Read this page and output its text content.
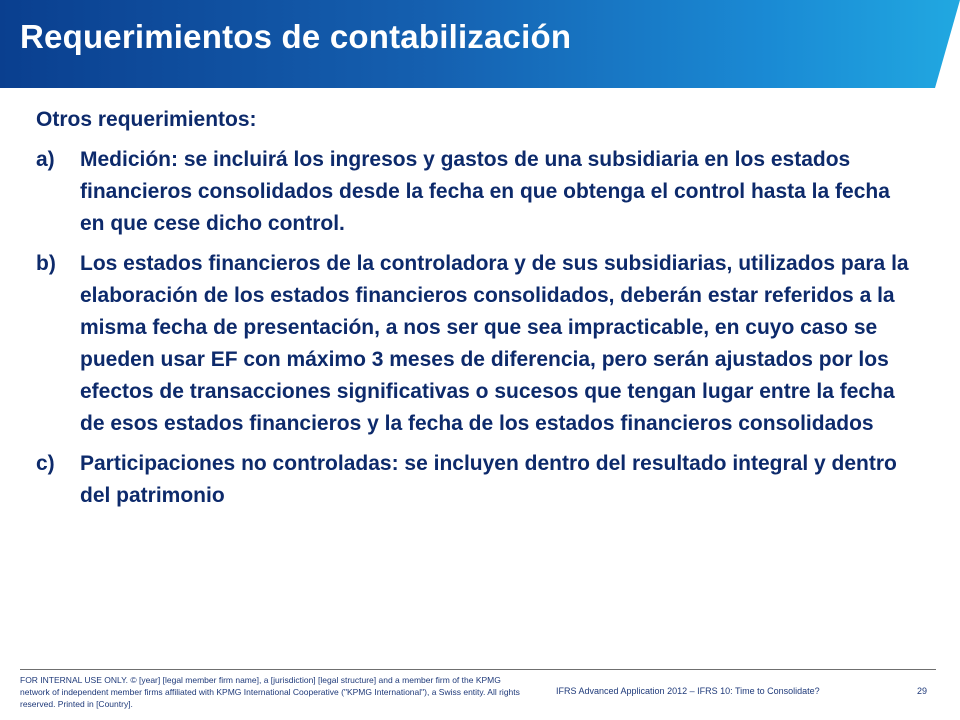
Requerimientos de contabilización

Otros requerimientos:

a)	Medición: se incluirá los ingresos y gastos de una subsidiaria en los estados financieros consolidados desde la fecha en que obtenga el control hasta la fecha en que cese dicho control.
b)	Los estados financieros de la controladora y de sus subsidiarias, utilizados para la elaboración de los estados financieros consolidados, deberán estar referidos a la misma fecha de presentación, a nos ser que sea impracticable, en cuyo caso se pueden usar EF con máximo 3 meses de diferencia, pero serán ajustados por los efectos de transacciones significativas o sucesos que tengan lugar entre la fecha de esos estados financieros y la fecha de los estados financieros consolidados
c)	Participaciones no controladas: se incluyen dentro del resultado integral y dentro del patrimonio
FOR INTERNAL USE ONLY. © [year] [legal member firm name], a [jurisdiction] [legal structure] and a member firm of the KPMG network of independent member firms affiliated with KPMG International Cooperative ("KPMG International"), a Swiss entity. All rights reserved. Printed in [Country].
IFRS Advanced Application 2012 – IFRS 10: Time to Consolidate?	29
